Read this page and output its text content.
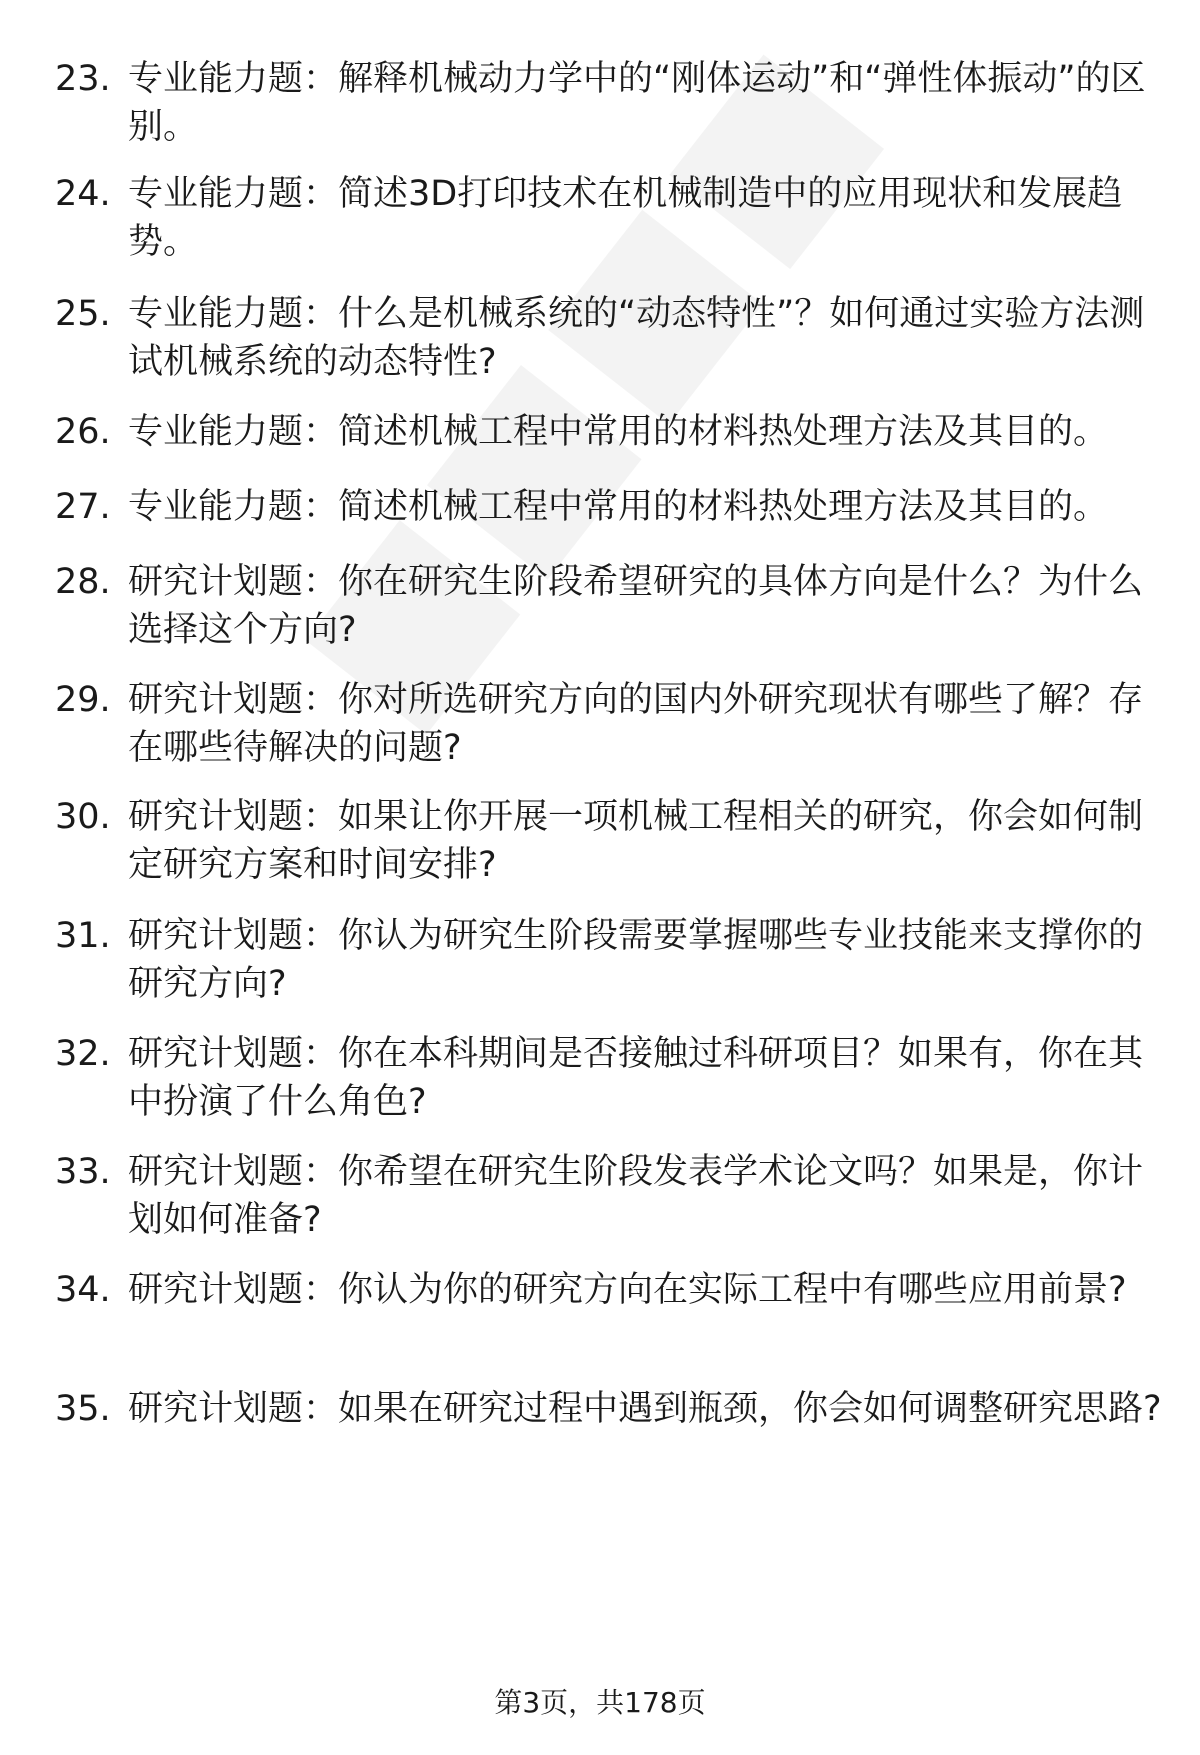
23. 专业能力题：解释机械动力学中的“刚体运动”和“弹性体振动”的区别。
24. 专业能力题：简述3D打印技术在机械制造中的应用现状和发展趋势。
25. 专业能力题：什么是机械系统的“动态特性”？如何通过实验方法测试机械系统的动态特性?
26. 专业能力题：简述机械工程中常用的材料热处理方法及其目的。
27. 专业能力题：简述机械工程中常用的材料热处理方法及其目的。
28. 研究计划题：你在研究生阶段希望研究的具体方向是什么？为什么选择这个方向?
29. 研究计划题：你对所选研究方向的国内外研究现状有哪些了解？存在哪些待解决的问题?
30. 研究计划题：如果让你开展一项机械工程相关的研究，你会如何制定研究方案和时间安排?
31. 研究计划题：你认为研究生阶段需要掌握哪些专业技能来支撑你的研究方向?
32. 研究计划题：你在本科期间是否接触过科研项目？如果有，你在其中扮演了什么角色?
33. 研究计划题：你希望在研究生阶段发表学术论文吗？如果是，你计划如何准备?
34. 研究计划题：你认为你的研究方向在实际工程中有哪些应用前景?
35. 研究计划题：如果在研究过程中遇到瓶颈，你会如何调整研究思路?
第3页，共178页
